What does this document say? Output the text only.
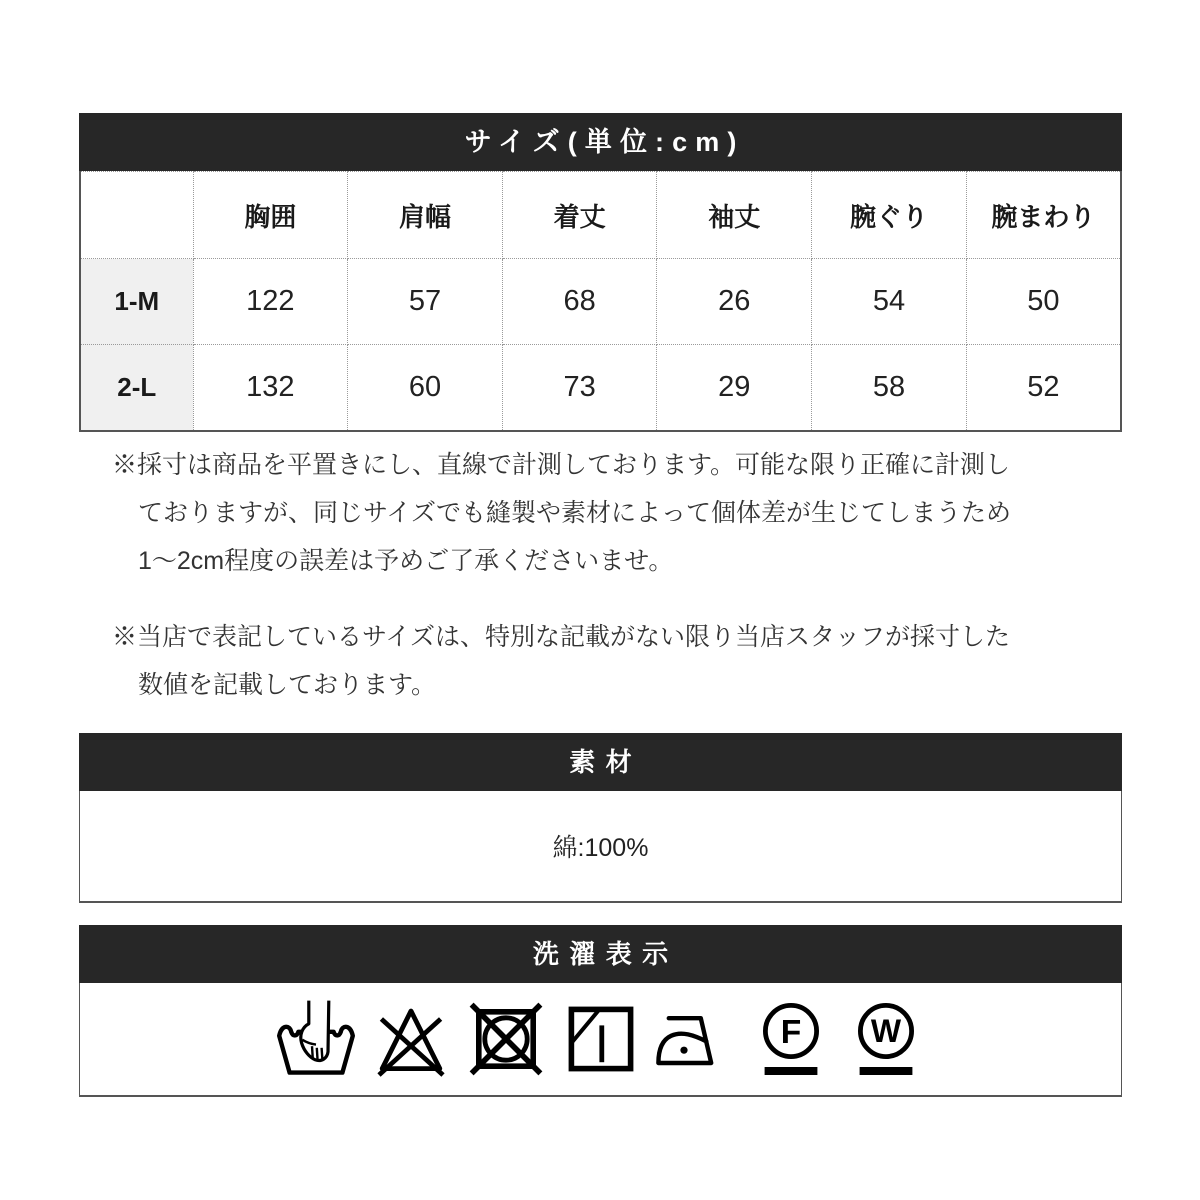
サイズ(単位:cm)
	胸囲	肩幅	着丈	袖丈	腕ぐり	腕まわり
1-M	122	57	68	26	54	50
2-L	132	60	73	29	58	52
※採寸は商品を平置きにし、直線で計測しております。可能な限り正確に計測し
ておりますが、同じサイズでも縫製や素材によって個体差が生じてしまうため
1〜2cm程度の誤差は予めご了承くださいませ。
※当店で表記しているサイズは、特別な記載がない限り当店スタッフが採寸した
数値を記載しております。
素材
綿:100%
洗濯表示
F W
